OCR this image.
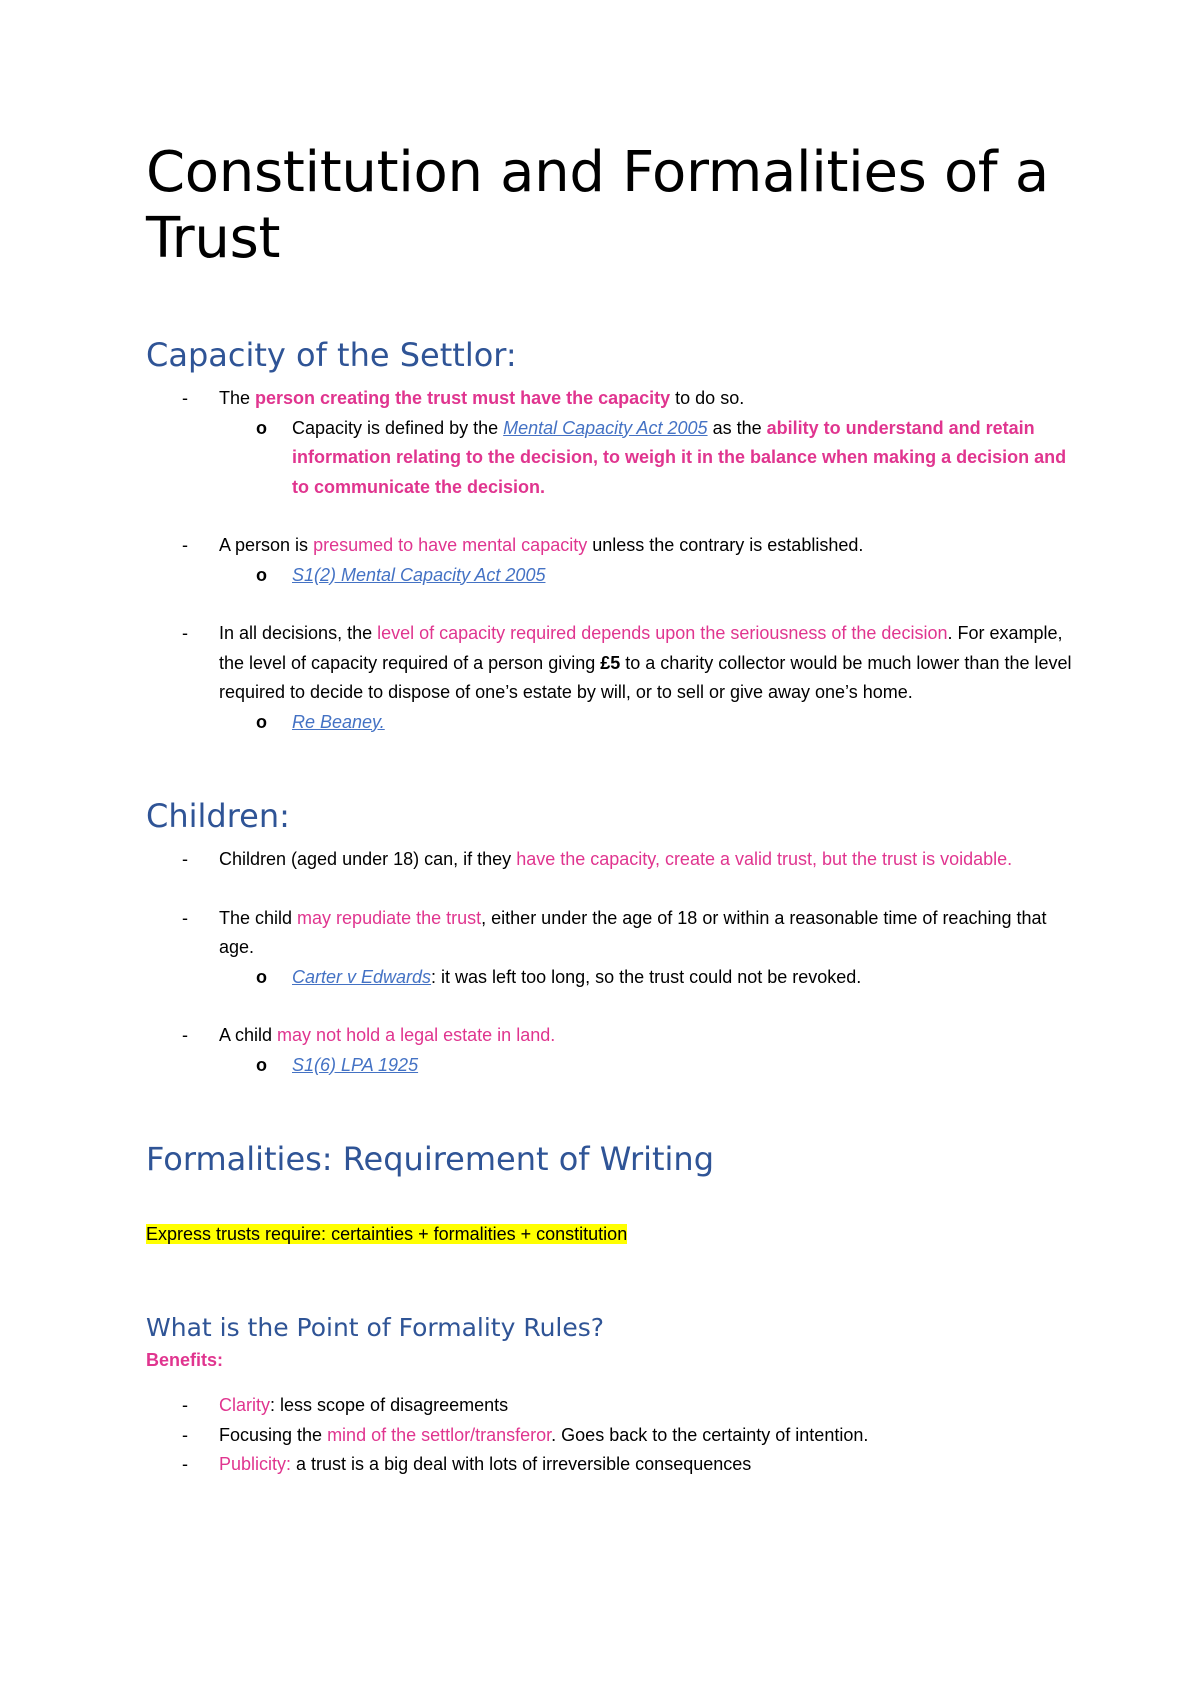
Constitution and Formalities of a Trust
Capacity of the Settlor:

- The person creating the trust must have the capacity to do so.

o Capacity is defined by the Mental Capacity Act 2005 as the ability to understand and retain information relating to the decision, to weigh it in the balance when making a decision and to communicate the decision.

- A person is presumed to have mental capacity unless the contrary is established.

o S1(2) Mental Capacity Act 2005

- In all decisions, the level of capacity required depends upon the seriousness of the decision. For example, the level of capacity required of a person giving £5 to a charity collector would be much lower than the level required to decide to dispose of one’s estate by will, or to sell or give away one’s home.

o Re Beaney.

Children:

- Children (aged under 18) can, if they have the capacity, create a valid trust, but the trust is voidable.

- The child may repudiate the trust, either under the age of 18 or within a reasonable time of reaching that age.

o Carter v Edwards: it was left too long, so the trust could not be revoked.

- A child may not hold a legal estate in land.

o S1(6) LPA 1925

Formalities: Requirement of Writing

Express trusts require: certainties + formalities + constitution

What is the Point of Formality Rules?

Benefits:

- Clarity: less scope of disagreements

- Focusing the mind of the settlor/transferor. Goes back to the certainty of intention.

- Publicity: a trust is a big deal with lots of irreversible consequences
